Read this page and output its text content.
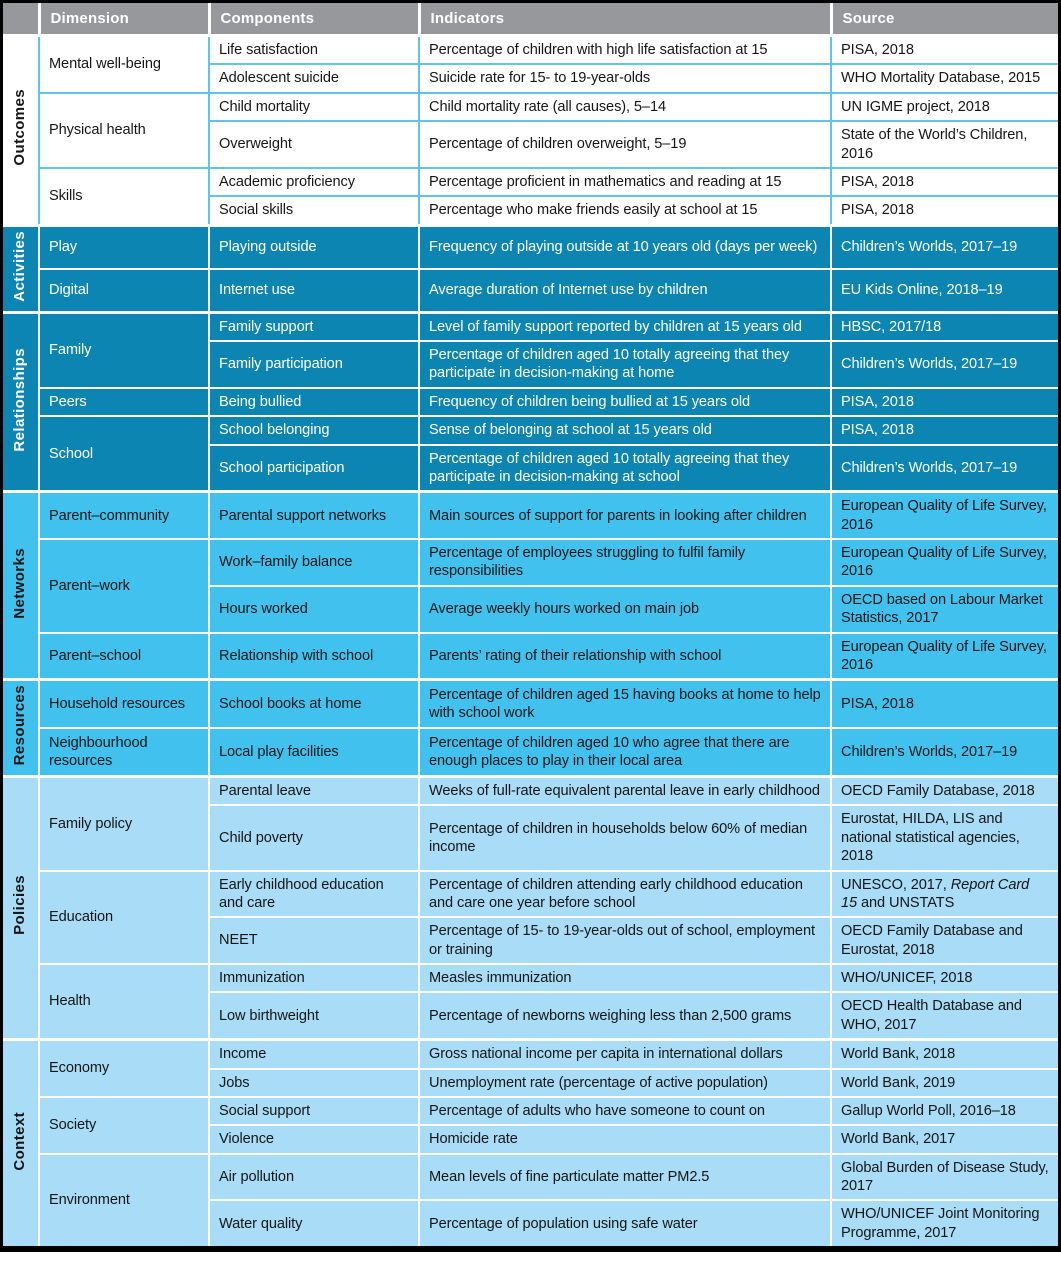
	Dimension	Components	Indicators	Source
Outcomes	Mental well-being	Life satisfaction	Percentage of children with high life satisfaction at 15	PISA, 2018
		Adolescent suicide	Suicide rate for 15- to 19-year-olds	WHO Mortality Database, 2015
	Physical health	Child mortality	Child mortality rate (all causes), 5–14	UN IGME project, 2018
		Overweight	Percentage of children overweight, 5–19	State of the World’s Children, 2016
	Skills	Academic proficiency	Percentage proficient in mathematics and reading at 15	PISA, 2018
		Social skills	Percentage who make friends easily at school at 15	PISA, 2018
Activities	Play	Playing outside	Frequency of playing outside at 10 years old (days per week)	Children’s Worlds, 2017–19
	Digital	Internet use	Average duration of Internet use by children	EU Kids Online, 2018–19
Relationships	Family	Family support	Level of family support reported by children at 15 years old	HBSC, 2017/18
		Family participation	Percentage of children aged 10 totally agreeing that they participate in decision-making at home	Children’s Worlds, 2017–19
	Peers	Being bullied	Frequency of children being bullied at 15 years old	PISA, 2018
	School	School belonging	Sense of belonging at school at 15 years old	PISA, 2018
		School participation	Percentage of children aged 10 totally agreeing that they participate in decision-making at school	Children’s Worlds, 2017–19
Networks	Parent–community	Parental support networks	Main sources of support for parents in looking after children	European Quality of Life Survey, 2016
	Parent–work	Work–family balance	Percentage of employees struggling to fulfil family responsibilities	European Quality of Life Survey, 2016
		Hours worked	Average weekly hours worked on main job	OECD based on Labour Market Statistics, 2017
	Parent–school	Relationship with school	Parents’ rating of their relationship with school	European Quality of Life Survey, 2016
Resources	Household resources	School books at home	Percentage of children aged 15 having books at home to help with school work	PISA, 2018
	Neighbourhood resources	Local play facilities	Percentage of children aged 10 who agree that there are enough places to play in their local area	Children’s Worlds, 2017–19
Policies	Family policy	Parental leave	Weeks of full-rate equivalent parental leave in early childhood	OECD Family Database, 2018
		Child poverty	Percentage of children in households below 60% of median income	Eurostat, HILDA, LIS and national statistical agencies, 2018
	Education	Early childhood education and care	Percentage of children attending early childhood education and care one year before school	UNESCO, 2017, Report Card 15 and UNSTATS
		NEET	Percentage of 15- to 19-year-olds out of school, employment or training	OECD Family Database and Eurostat, 2018
	Health	Immunization	Measles immunization	WHO/UNICEF, 2018
		Low birthweight	Percentage of newborns weighing less than 2,500 grams	OECD Health Database and WHO, 2017
Context	Economy	Income	Gross national income per capita in international dollars	World Bank, 2018
		Jobs	Unemployment rate (percentage of active population)	World Bank, 2019
	Society	Social support	Percentage of adults who have someone to count on	Gallup World Poll, 2016–18
		Violence	Homicide rate	World Bank, 2017
	Environment	Air pollution	Mean levels of fine particulate matter PM2.5	Global Burden of Disease Study, 2017
		Water quality	Percentage of population using safe water	WHO/UNICEF Joint Monitoring Programme, 2017
